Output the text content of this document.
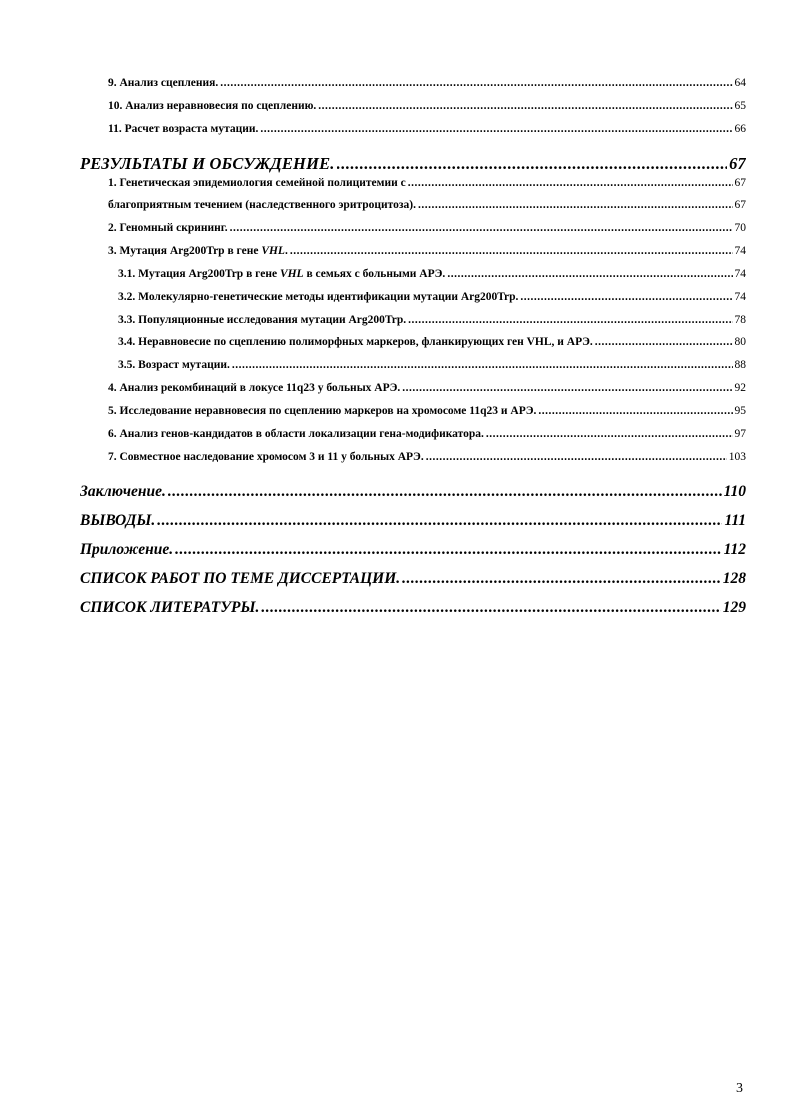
9. Анализ сцепления. .....	64
10. Анализ неравновесия по сцеплению. .....	65
11. Расчет возраста мутации. .....	66
РЕЗУЛЬТАТЫ И ОБСУЖДЕНИЕ. .....	67
1. Генетическая эпидемиология семейной полицитемии с .....	67
благоприятным течением (наследственного эритроцитоза). .....	67
2. Геномный скрининг. .....	70
3. Мутация Arg200Trp в гене VHL. .....	74
3.1. Мутация Arg200Trp в гене VHL в семьях с больными АРЭ. .....	74
3.2. Молекулярно-генетические методы идентификации мутации Arg200Trp. .....	74
3.3. Популяционные исследования мутации Arg200Trp. .....	78
3.4. Неравновесие по сцеплению полиморфных маркеров, фланкирующих ген VHL, и АРЭ. .....	80
3.5. Возраст мутации. .....	88
4. Анализ рекомбинаций в локусе 11q23 у больных АРЭ. .....	92
5. Исследование неравновесия по сцеплению маркеров на хромосоме 11q23 и АРЭ. .....	95
6. Анализ генов-кандидатов в области локализации гена-модификатора. .....	97
7. Совместное наследование хромосом 3 и 11 у больных АРЭ. .....	103
Заключение. .....	110
ВЫВОДЫ. .....	111
Приложение. .....	112
СПИСОК РАБОТ ПО ТЕМЕ ДИССЕРТАЦИИ. .....	128
СПИСОК ЛИТЕРАТУРЫ. .....	129
3
